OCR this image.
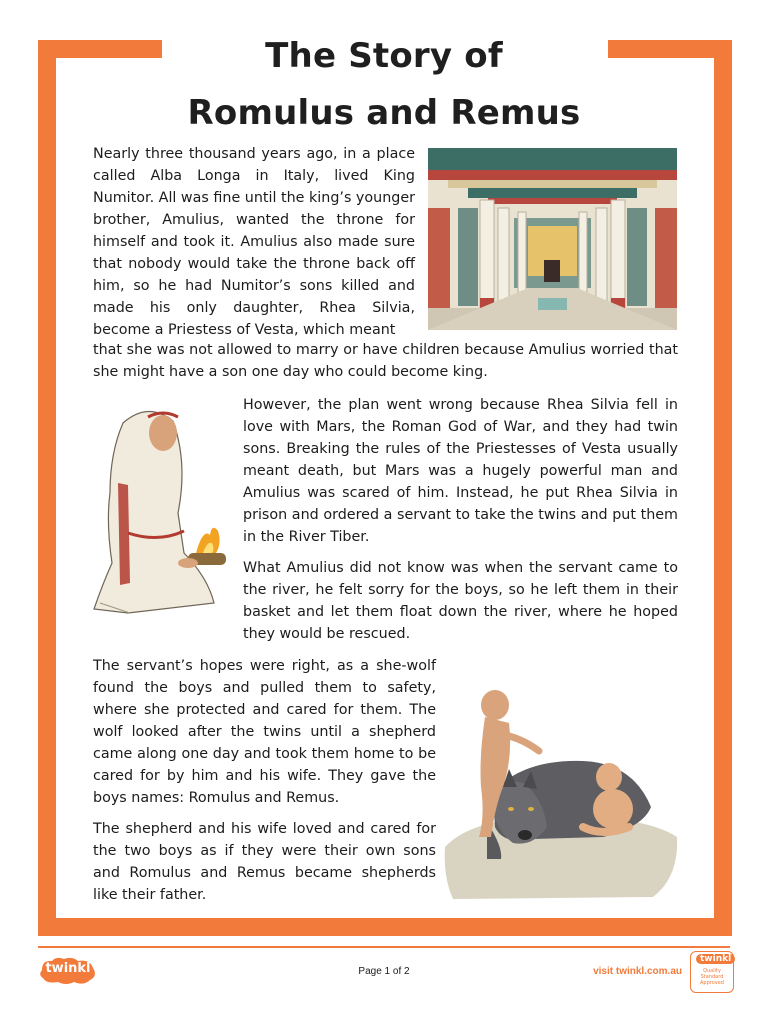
The Story of
Romulus and Remus

Nearly three thousand years ago, in a place called Alba Longa in Italy, lived King Numitor. All was fine until the king’s younger brother, Amulius, wanted the throne for himself and took it. Amulius also made sure that nobody would take the throne back off him, so he had Numitor’s sons killed and made his only daughter, Rhea Silvia, become a Priestess of Vesta, which meant

that she was not allowed to marry or have children because Amulius worried that she might have a son one day who could become king.

However, the plan went wrong because Rhea Silvia fell in love with Mars, the Roman God of War, and they had twin sons. Breaking the rules of the Priestesses of Vesta usually meant death, but Mars was a hugely powerful man and Amulius was scared of him. Instead, he put Rhea Silvia in prison and ordered a servant to take the twins and put them in the River Tiber.

What Amulius did not know was when the servant came to the river, he felt sorry for the boys, so he left them in their basket and let them float down the river, where he hoped they would be rescued.

The servant’s hopes were right, as a she-wolf found the boys and pulled them to safety, where she protected and cared for them. The wolf looked after the twins until a shepherd came along one day and took them home to be cared for by him and his wife. They gave the boys names: Romulus and Remus.

The shepherd and his wife loved and cared for the two boys as if they were their own sons and Romulus and Remus became shepherds like their father.

twinkl	Page 1 of 2	visit twinkl.com.au
twinkl
Quality Standard Approved
